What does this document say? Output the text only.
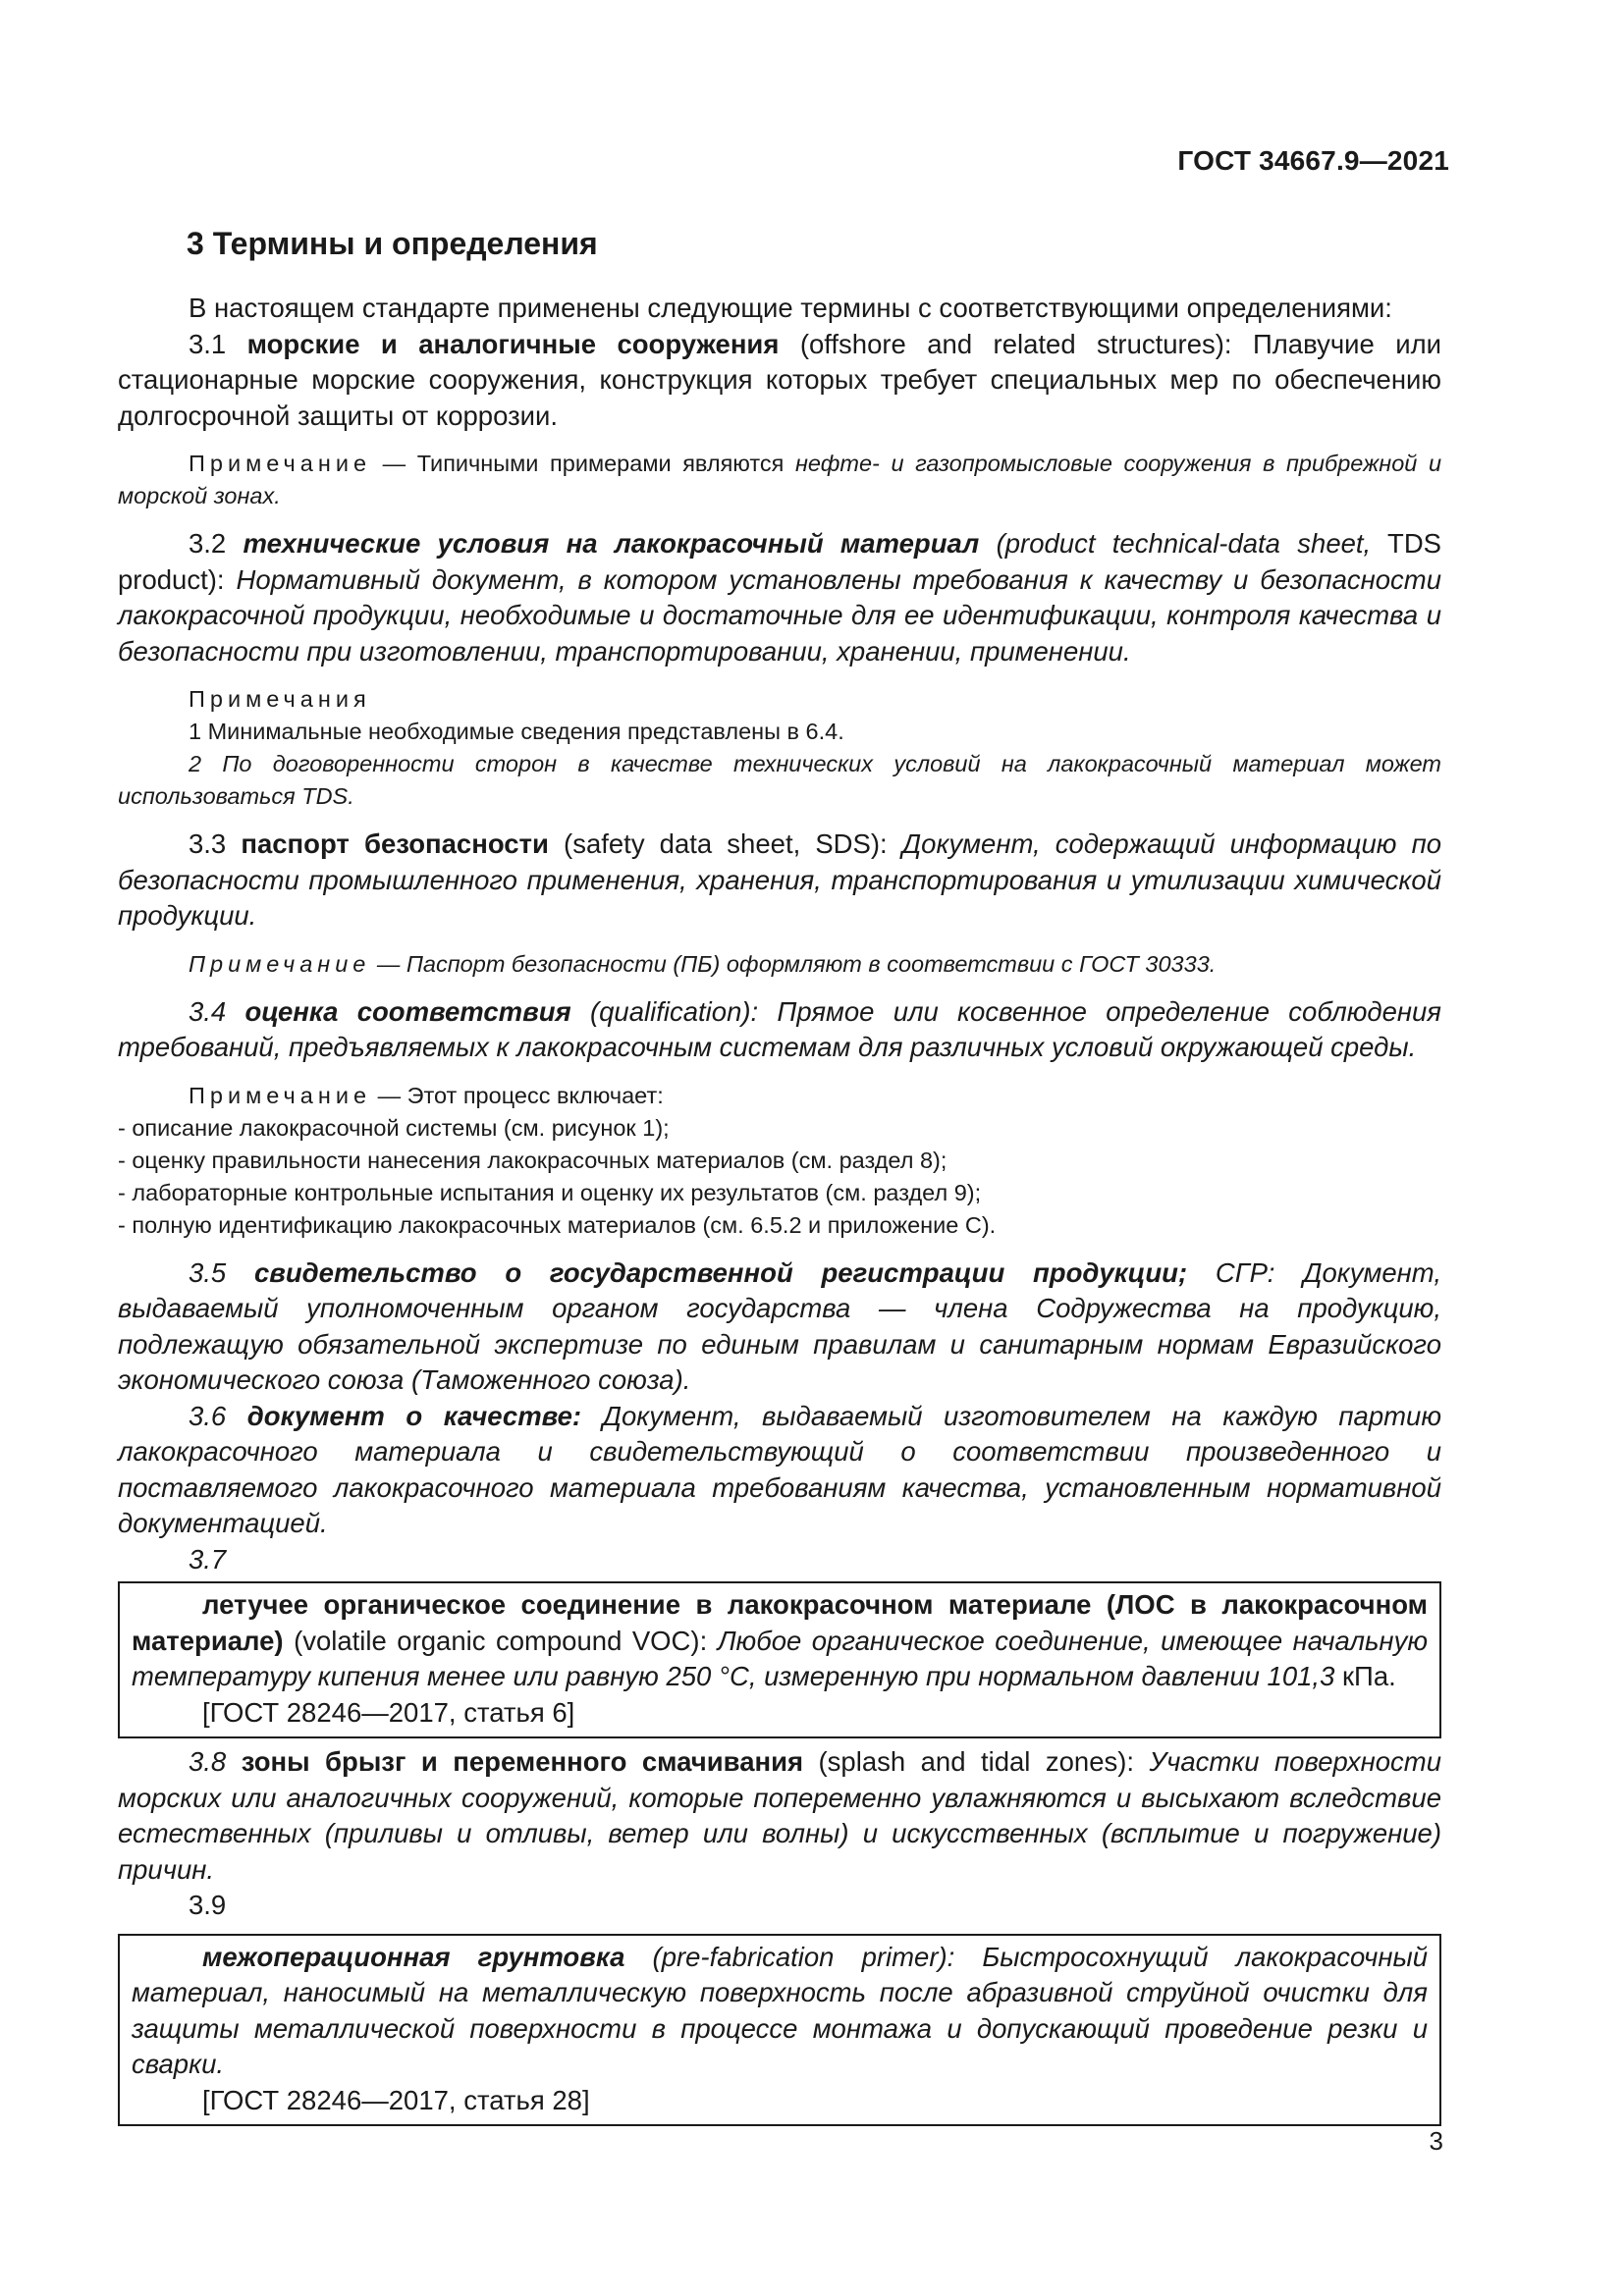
ГОСТ 34667.9—2021
3 Термины и определения

В настоящем стандарте применены следующие термины с соответствующими определениями:

3.1 морские и аналогичные сооружения (offshore and related structures): Плавучие или стационарные морские сооружения, конструкция которых требует специальных мер по обеспечению долгосрочной защиты от коррозии.

Примечание — Типичными примерами являются нефте- и газопромысловые сооружения в прибрежной и морской зонах.

3.2 технические условия на лакокрасочный материал (product technical-data sheet, TDS product): Нормативный документ, в котором установлены требования к качеству и безопасности лакокрасочной продукции, необходимые и достаточные для ее идентификации, контроля качества и безопасности при изготовлении, транспортировании, хранении, применении.

Примечания

1 Минимальные необходимые сведения представлены в 6.4.

2 По договоренности сторон в качестве технических условий на лакокрасочный материал может использоваться TDS.

3.3 паспорт безопасности (safety data sheet, SDS): Документ, содержащий информацию по безопасности промышленного применения, хранения, транспортирования и утилизации химической продукции.

Примечание — Паспорт безопасности (ПБ) оформляют в соответствии с ГОСТ 30333.

3.4 оценка соответствия (qualification): Прямое или косвенное определение соблюдения требований, предъявляемых к лакокрасочным системам для различных условий окружающей среды.

Примечание — Этот процесс включает:

- описание лакокрасочной системы (см. рисунок 1);

- оценку правильности нанесения лакокрасочных материалов (см. раздел 8);

- лабораторные контрольные испытания и оценку их результатов (см. раздел 9);

- полную идентификацию лакокрасочных материалов (см. 6.5.2 и приложение С).

3.5 свидетельство о государственной регистрации продукции; СГР: Документ, выдаваемый уполномоченным органом государства — члена Содружества на продукцию, подлежащую обязательной экспертизе по единым правилам и санитарным нормам Евразийского экономического союза (Таможенного союза).

3.6 документ о качестве: Документ, выдаваемый изготовителем на каждую партию лакокрасочного материала и свидетельствующий о соответствии произведенного и поставляемого лакокрасочного материала требованиям качества, установленным нормативной документацией.

3.7

летучее органическое соединение в лакокрасочном материале (ЛОС в лакокрасочном материале) (volatile organic compound VOC): Любое органическое соединение, имеющее начальную температуру кипения менее или равную 250 °C, измеренную при нормальном давлении 101,3 кПа.

[ГОСТ 28246—2017, статья 6]

3.8 зоны брызг и переменного смачивания (splash and tidal zones): Участки поверхности морских или аналогичных сооружений, которые попеременно увлажняются и высыхают вследствие естественных (приливы и отливы, ветер или волны) и искусственных (всплытие и погружение) причин.

3.9

межоперационная грунтовка (pre-fabrication primer): Быстросохнущий лакокрасочный материал, наносимый на металлическую поверхность после абразивной струйной очистки для защиты металлической поверхности в процессе монтажа и допускающий проведение резки и сварки.

[ГОСТ 28246—2017, статья 28]

3
